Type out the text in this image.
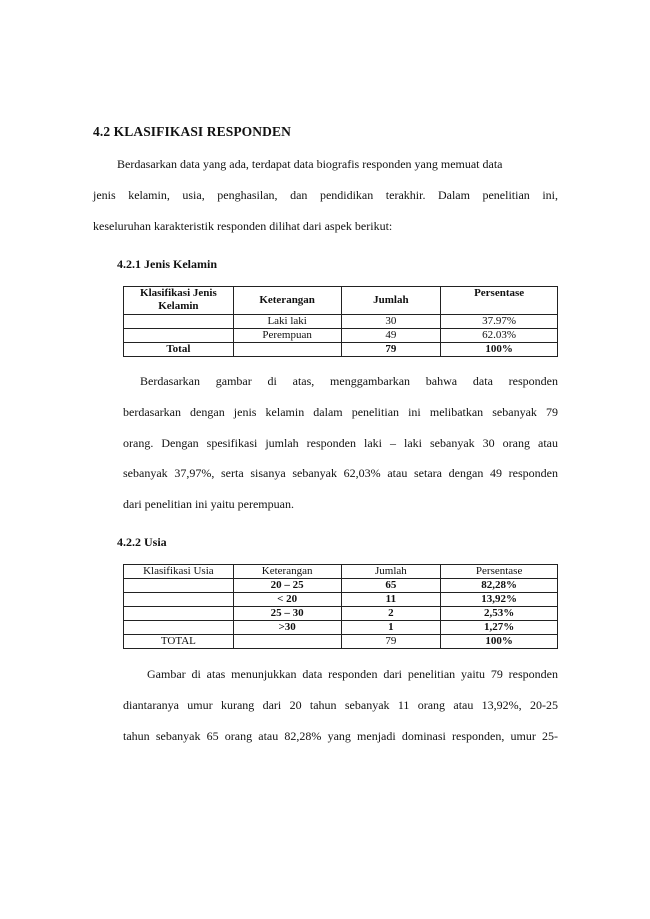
4.2 KLASIFIKASI RESPONDEN
Berdasarkan data yang ada, terdapat data biografis responden yang memuat data
jenis kelamin, usia, penghasilan, dan pendidikan terakhir. Dalam penelitian ini,
keseluruhan karakteristik responden dilihat dari aspek berikut:
4.2.1 Jenis Kelamin
Klasifikasi Jenis Kelamin	Keterangan	Jumlah	Persentase
	Laki laki	30	37.97%
	Perempuan	49	62.03%
Total		79	100%
Berdasarkan gambar di atas, menggambarkan bahwa data responden
berdasarkan dengan jenis kelamin dalam penelitian ini melibatkan sebanyak 79
orang. Dengan spesifikasi jumlah responden laki – laki sebanyak 30 orang atau
sebanyak 37,97%, serta sisanya sebanyak 62,03% atau setara dengan 49 responden
dari penelitian ini yaitu perempuan.
4.2.2 Usia
Klasifikasi Usia	Keterangan	Jumlah	Persentase
	20 – 25	65	82,28%
	< 20	11	13,92%
	25 – 30	2	2,53%
	>30	1	1,27%
TOTAL		79	100%
Gambar di atas menunjukkan data responden dari penelitian yaitu 79 responden
diantaranya umur kurang dari 20 tahun sebanyak 11 orang atau 13,92%, 20-25
tahun sebanyak 65 orang atau 82,28% yang menjadi dominasi responden, umur 25-
